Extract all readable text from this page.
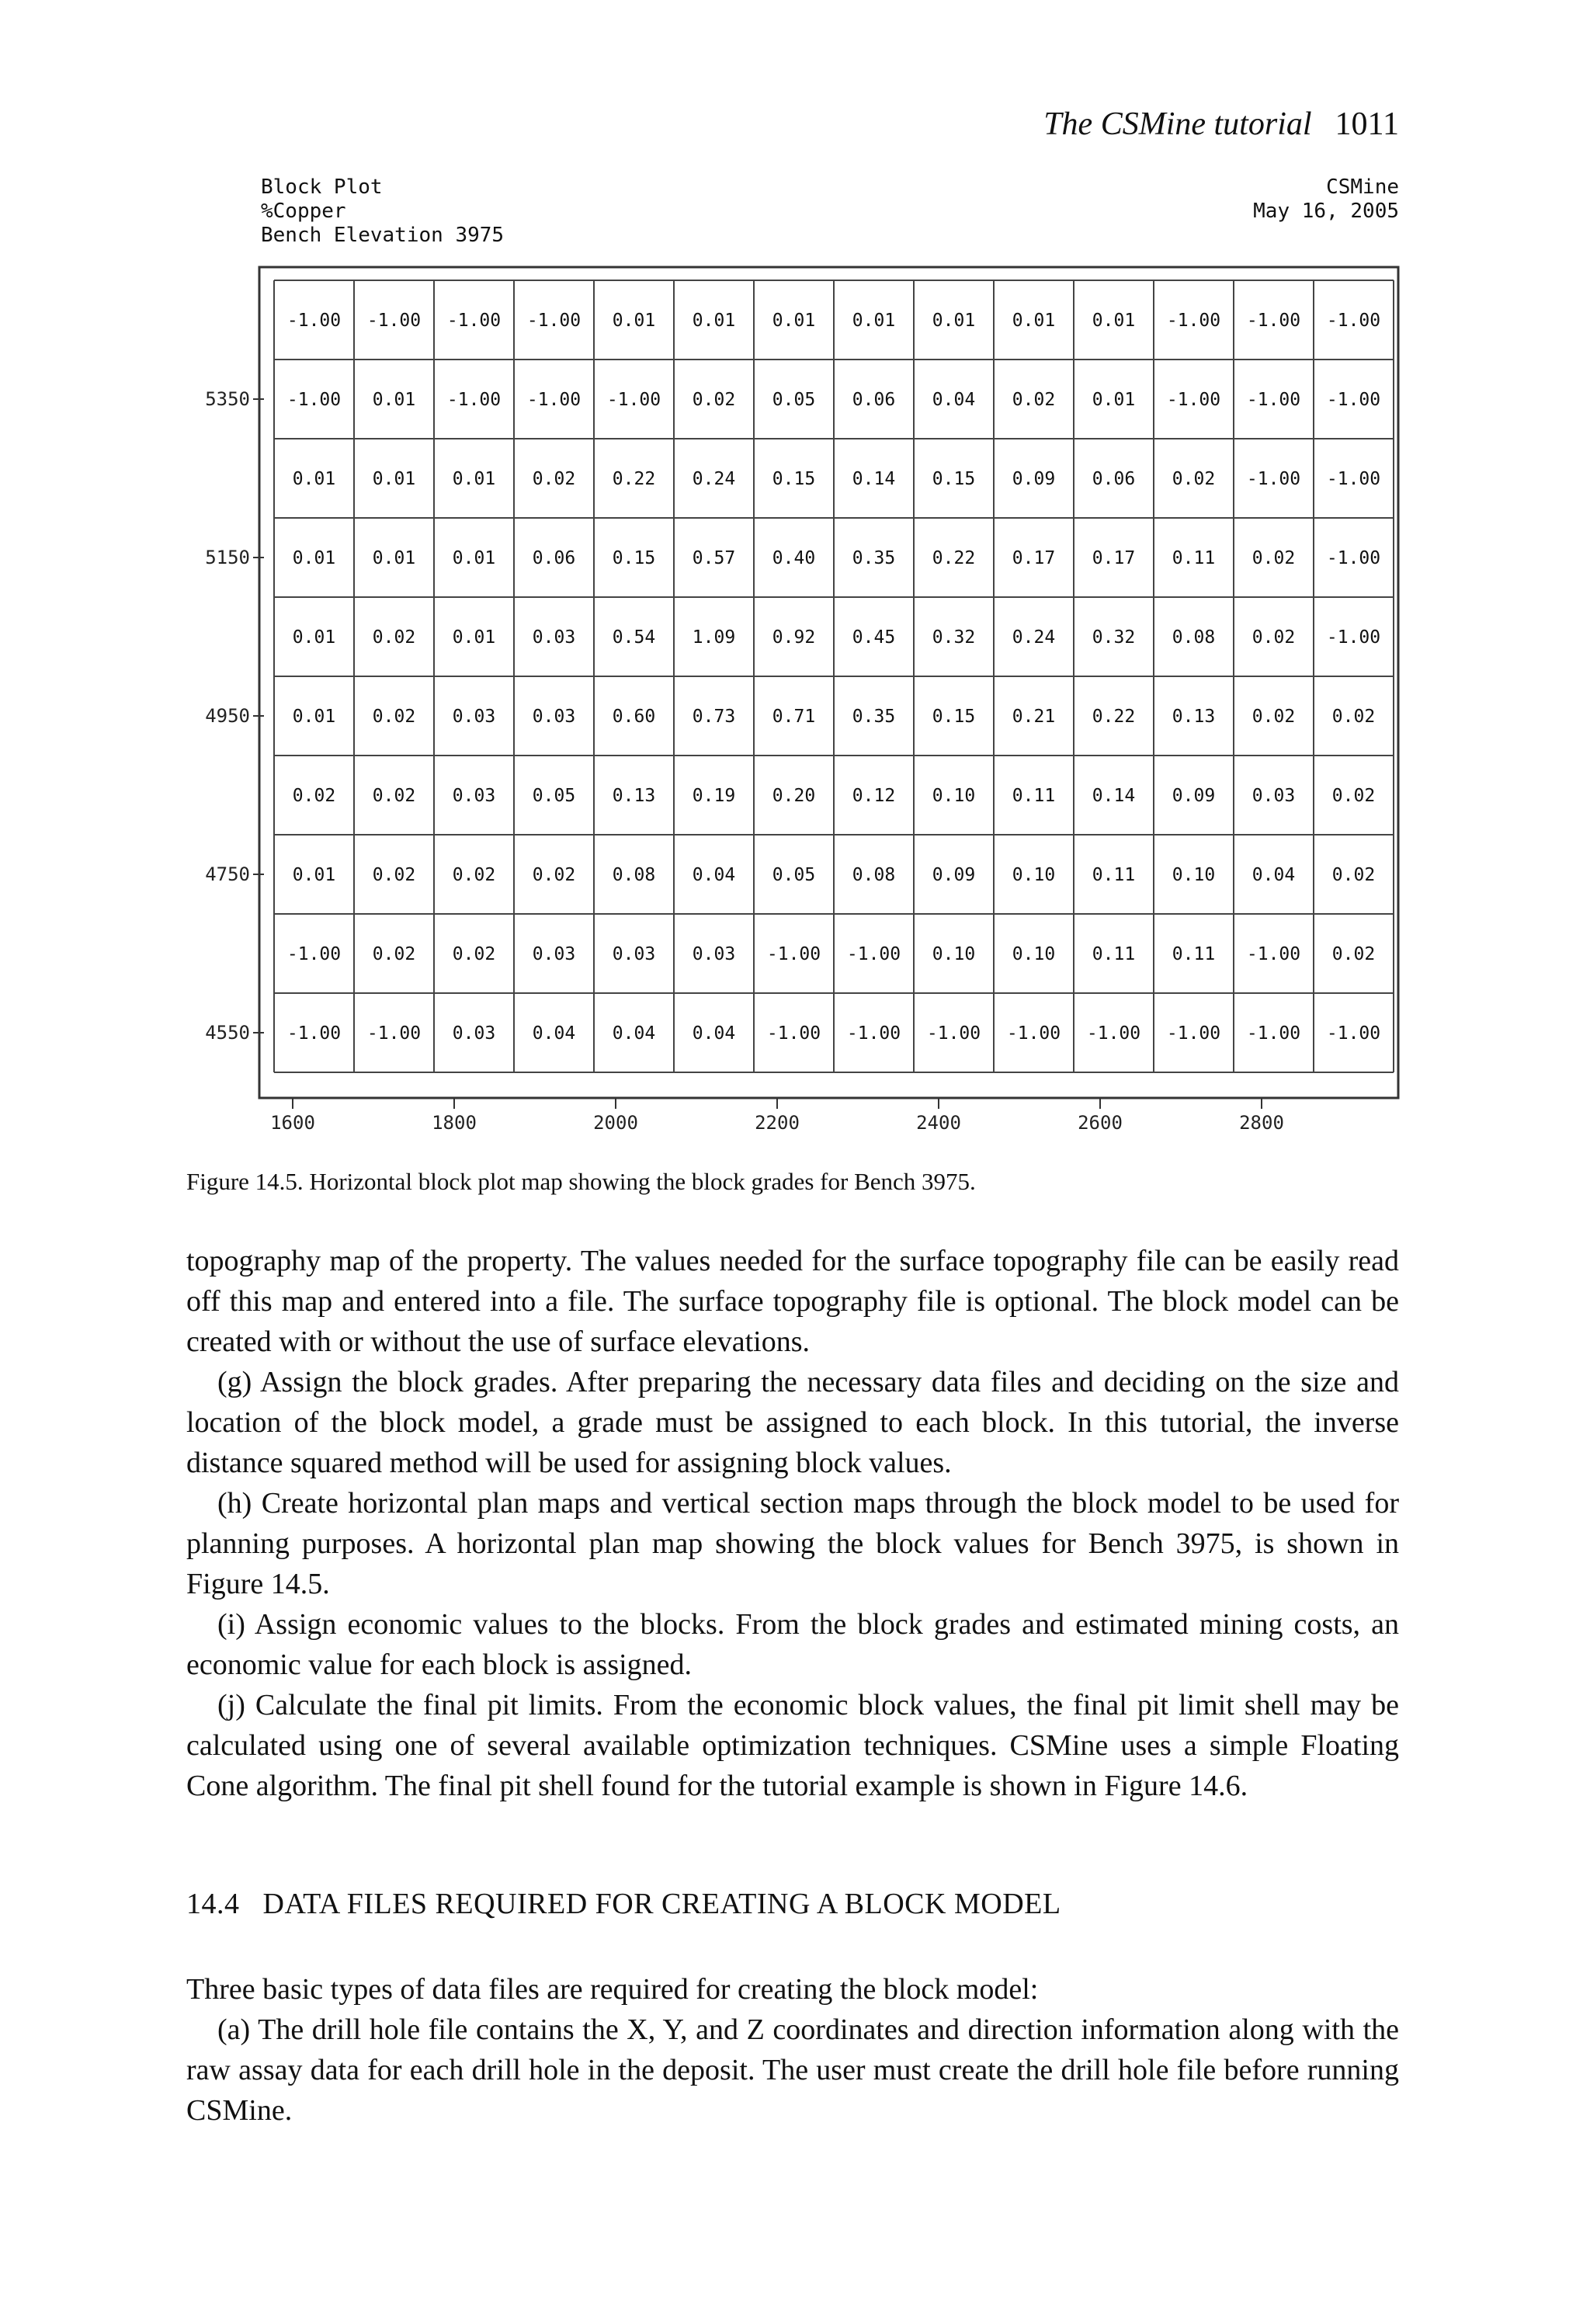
The CSMine tutorial 1011
Block Plot
%Copper
Bench Elevation 3975
CSMine
May 16, 2005
-1.00 -1.00 -1.00 -1.00 0.01 0.01 0.01 0.01 0.01 0.01 0.01 -1.00 -1.00 -1.00
-1.00 0.01 -1.00 -1.00 -1.00 0.02 0.05 0.06 0.04 0.02 0.01 -1.00 -1.00 -1.00
0.01 0.01 0.01 0.02 0.22 0.24 0.15 0.14 0.15 0.09 0.06 0.02 -1.00 -1.00
0.01 0.01 0.01 0.06 0.15 0.57 0.40 0.35 0.22 0.17 0.17 0.11 0.02 -1.00
0.01 0.02 0.01 0.03 0.54 1.09 0.92 0.45 0.32 0.24 0.32 0.08 0.02 -1.00
0.01 0.02 0.03 0.03 0.60 0.73 0.71 0.35 0.15 0.21 0.22 0.13 0.02 0.02
0.02 0.02 0.03 0.05 0.13 0.19 0.20 0.12 0.10 0.11 0.14 0.09 0.03 0.02
0.01 0.02 0.02 0.02 0.08 0.04 0.05 0.08 0.09 0.10 0.11 0.10 0.04 0.02
-1.00 0.02 0.02 0.03 0.03 0.03 -1.00 -1.00 0.10 0.10 0.11 0.11 -1.00 0.02
-1.00 -1.00 0.03 0.04 0.04 0.04 -1.00 -1.00 -1.00 -1.00 -1.00 -1.00 -1.00 -1.00
5350
5150
4950
4750
4550
1600	1800	2000	2200	2400	2600	2800
Figure 14.5. Horizontal block plot map showing the block grades for Bench 3975.

topography map of the property. The values needed for the surface topography file can be easily read off this map and entered into a file. The surface topography file is optional. The block model can be created with or without the use of surface elevations.

(g) Assign the block grades. After preparing the necessary data files and deciding on the size and location of the block model, a grade must be assigned to each block. In this tutorial, the inverse distance squared method will be used for assigning block values.

(h) Create horizontal plan maps and vertical section maps through the block model to be used for planning purposes. A horizontal plan map showing the block values for Bench 3975, is shown in Figure 14.5.

(i) Assign economic values to the blocks. From the block grades and estimated mining costs, an economic value for each block is assigned.

(j) Calculate the final pit limits. From the economic block values, the final pit limit shell may be calculated using one of several available optimization techniques. CSMine uses a simple Floating Cone algorithm. The final pit shell found for the tutorial example is shown in Figure 14.6.

14.4 DATA FILES REQUIRED FOR CREATING A BLOCK MODEL

Three basic types of data files are required for creating the block model:

(a) The drill hole file contains the X, Y, and Z coordinates and direction information along with the raw assay data for each drill hole in the deposit. The user must create the drill hole file before running CSMine.
